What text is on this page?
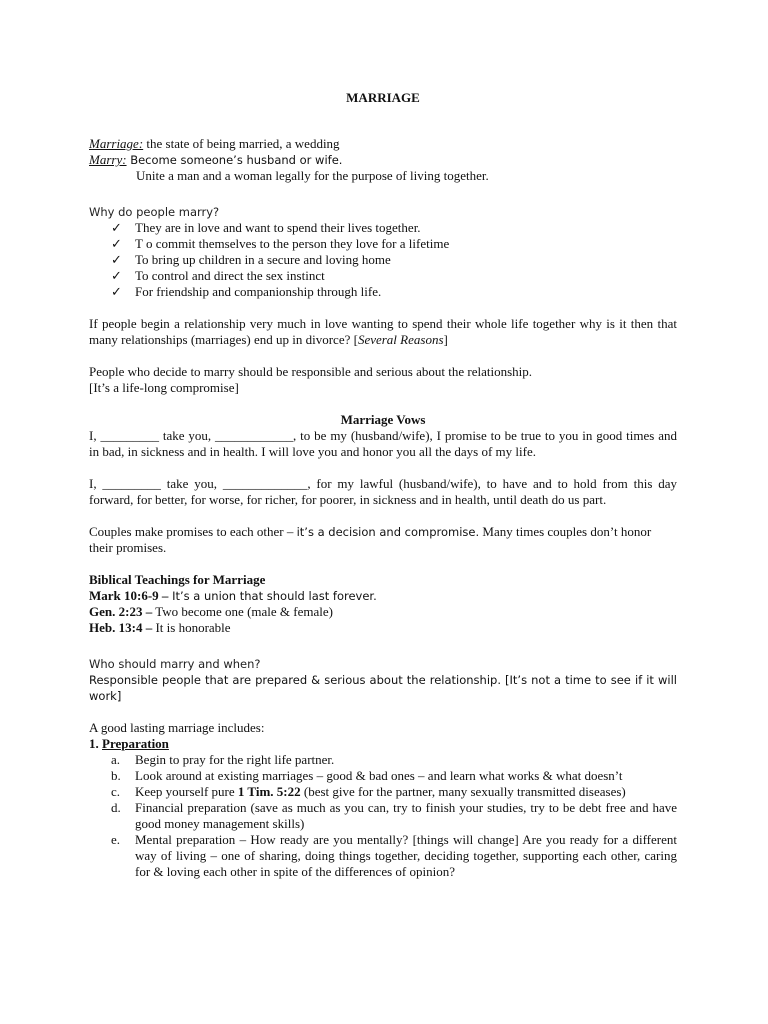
MARRIAGE

Marriage: the state of being married, a wedding

Marry: Become someone’s husband or wife.

Unite a man and a woman legally for the purpose of living together.

Why do people marry?
✓ They are in love and want to spend their lives together.
✓ T o commit themselves to the person they love for a lifetime
✓ To bring up children in a secure and loving home
✓ To control and direct the sex instinct
✓ For friendship and companionship through life.

If people begin a relationship very much in love wanting to spend their whole life together why is it then that many relationships (marriages) end up in divorce? [Several Reasons]

People who decide to marry should be responsible and serious about the relationship.

[It’s a life-long compromise]

Marriage Vows

I, _________ take you, ____________, to be my (husband/wife), I promise to be true to you in good times and in bad, in sickness and in health. I will love you and honor you all the days of my life.

I, _________ take you, _____________, for my lawful (husband/wife), to have and to hold from this day forward, for better, for worse, for richer, for poorer, in sickness and in health, until death do us part.

Couples make promises to each other – it’s a decision and compromise. Many times couples don’t honor their promises.

Biblical Teachings for Marriage

Mark 10:6-9 – It’s a union that should last forever.

Gen. 2:23 – Two become one (male & female)

Heb. 13:4 – It is honorable

Who should marry and when?

Responsible people that are prepared & serious about the relationship. [It’s not a time to see if it will work]

A good lasting marriage includes:

1. Preparation

a. Begin to pray for the right life partner.
b. Look around at existing marriages – good & bad ones – and learn what works & what doesn’t
c. Keep yourself pure 1 Tim. 5:22 (best give for the partner, many sexually transmitted diseases)
d. Financial preparation (save as much as you can, try to finish your studies, try to be debt free and have good money management skills)
e. Mental preparation – How ready are you mentally? [things will change] Are you ready for a different way of living – one of sharing, doing things together, deciding together, supporting each other, caring for & loving each other in spite of the differences of opinion?
